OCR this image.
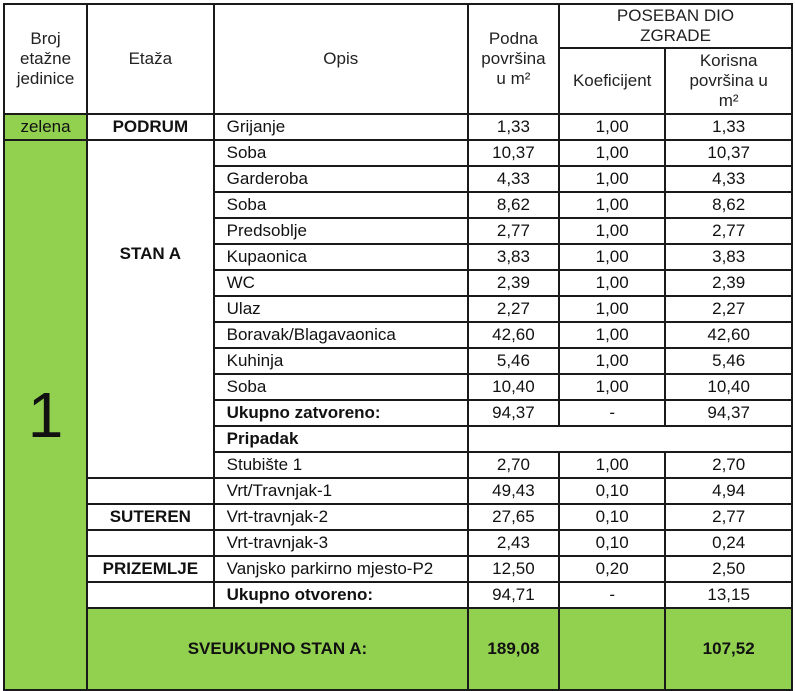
Broj etažne jedinice	Etaža	Opis	Podna površina u m²	POSEBAN DIO ZGRADE	
				Koeficijent	Korisna površina u m²
zelena	PODRUM	Grijanje	1,33	1,00	1,33
1	STAN A	Soba	10,37	1,00	10,37
		Garderoba	4,33	1,00	4,33
		Soba	8,62	1,00	8,62
		Predsoblje	2,77	1,00	2,77
		Kupaonica	3,83	1,00	3,83
		WC	2,39	1,00	2,39
		Ulaz	2,27	1,00	2,27
		Boravak/Blagavaonica	42,60	1,00	42,60
		Kuhinja	5,46	1,00	5,46
		Soba	10,40	1,00	10,40
		Ukupno zatvoreno:	94,37	-	94,37
		Pripadak			
		Stubište 1	2,70	1,00	2,70
		Vrt/Travnjak-1	49,43	0,10	4,94
	SUTEREN	Vrt-travnjak-2	27,65	0,10	2,77
		Vrt-travnjak-3	2,43	0,10	0,24
	PRIZEMLJE	Vanjsko parkirno mjesto-P2	12,50	0,20	2,50
		Ukupno otvoreno:	94,71	-	13,15
	SVEUKUPNO STAN A:		189,08		107,52
